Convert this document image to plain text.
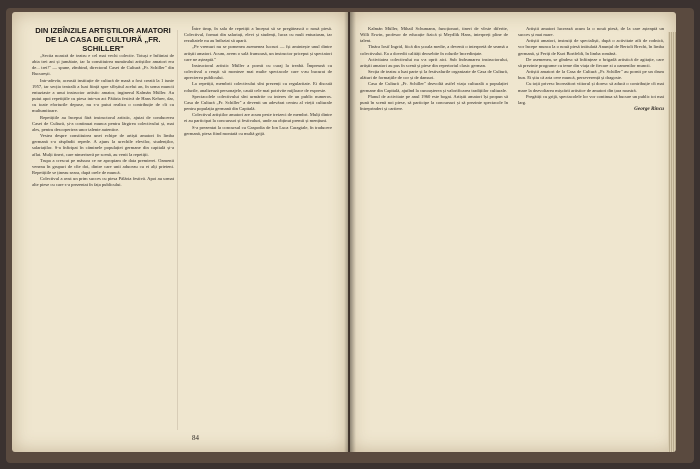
DIN IZBÎNZILE ARTIȘTILOR AMATORI DE LA CASA DE CULTURĂ „FR. SCHILLER"

„Sectia noastră de teatru e cel mai vechi colectiv. Totuși e înfiintat de abia trei ani și jumătate, iar la constituirea numărului artiștilor amatori era de... trei!" — spune, zîmbind, directorul Casei de Cultură „Fr. Schiller" din București.

Intr-adevăr, această instituție de cultură de masă a fost creată la 1 iunie 1957, iar secția teatrală a luat ființă spre sfîrșitul acelui an, în urma muncii entuziaste a unui instructor artistic amator, inginerul Kalmán Müller. Au putut apoi repetițiile cu piesa intr-un act Păiăria festivă de Hans Kehrer, dar, cu toate eforturile depuse, nu s-a putut realiza o contribuție de cît cu multumitoare.

Repetițiile au început fără instructorul artistic, ajutat de conducerea Casei de Cultură, și-a continuat munca pentru lărgirea colectivului și, mai ales, pentru descoperirea unor talente autentice.

Vestea despre constituirea unei echipe de artiști amatori în limba germană s-a răspîndit repede. A ajuns la urechile elevilor, studenților, salariaților. S-a înfiripat în căminele populației germane din capitală și-a aflat. Mulți tineri, care nimeriseră pe scenă, au venit la repetiții.

Trupa a crescut pe măsura ce ne apropiam de data premierei. Oamenii veneau în grupuri de cîte doi, dintre care unii aduceau cu ei alți prieteni. Repetițiile se țineau seara, după orele de muncă.

Colectivul a avut un prim succes cu piesa Pălăria festivă. Apoi au urmat alte piese cu care s-a prezentat în fața publicului.

Între timp, în sala de repetiții a început să se pregătească o nouă piesă. Colectivul, format din salariați, elevi și studenți, lucra cu mult entuziasm, iar rezultatele nu au întîrziat să apară.

„Pe vremuri nu se pomenea asemenea lucruri — își amintește unul dintre artiștii amatori. Acum, avem o sală frumoasă, un instructor priceput și spectatori care ne așteaptă."

Instructorul artistic Müller a pornit cu curaj la treabă. Împreună cu colectivul a reușit să monteze mai multe spectacole care s-au bucurat de aprecierea publicului.

La repetiții, membrii colectivului sînt prezenți cu regularitate. Ei discută rolurile, analizează personajele, caută cele mai potrivite mijloace de expresie.

Spectacolele colectivului sînt urmărite cu interes de un public numeros. Casa de Cultură „Fr. Schiller" a devenit un adevărat centru al vieții culturale pentru populația germană din Capitală.

Colectivul artiștilor amatori are acum peste treizeci de membri. Mulți dintre ei au participat la concursuri și festivaluri, unde au obținut premii și mențiuni.

S-a prezentat la concursul cu Gaspodia de Ion Luca Caragiale, în traducere germană, piesa fiind montată cu multă grijă.

84

Kalmán Müller, Mihail Schumann, funcționari, tineri de vîrste diferite, Willi Erwin, profesor de educație fizică și Meydlik Hans, interpreți pline de talent.

Tînăra Iosif Ingrid, fiică din școala medie, a devenit o interpretă de seamă a colectivului. Ea a dovedit calități deosebite în rolurile încredințate.

Activitatea colectivului nu s-a oprit aici. Sub îndrumarea instructorului, artiștii amatori au pus în scenă și piese din repertoriul clasic german.

Secția de teatru a luat parte și la festivalurile organizate de Casa de Cultură, alături de formațiile de cor și de dansuri.

Casa de Cultură „Fr. Schiller" dezvoltă astfel viața culturală a populației germane din Capitală, ajutînd la cunoașterea și valorificarea tradițiilor culturale.

Planul de activitate pe anul 1960 este bogat. Artiștii amatori își propun să pună în scenă noi piese, să participe la concursuri și să prezinte spectacole în întreprinderi și cartiere.

Artiștii amatori lucrează acum la o nouă piesă, de la care așteaptă un succes și mai mare.

Artiștii amatori, instruiți de specialiști, după o activitate atît de rodnică, vor începe munca la o nouă piesă intitulată Anunțul de Bertolt Brecht, în limba germană, și Feriți de Kurt Bortfeldt, în limba română.

De asemenea, se gîndesc să înființeze o brigadă artistică de agitație, care să prezinte programe cu teme din viața de fiecare zi a oamenilor muncii.

Artiștii amatori de la Casa de Cultură „Fr. Schiller" au pornit pe un drum bun. Ei știu că arta cere muncă, perseverență și dragoste.

Cu toții privesc încrezători viitorul și doresc să aducă o contribuție cît mai mare la dezvoltarea mișcării artistice de amatori din țara noastră.

Pregătiți cu grijă, spectacolele lor vor continua să bucure un public tot mai larg.

George Rîncu
